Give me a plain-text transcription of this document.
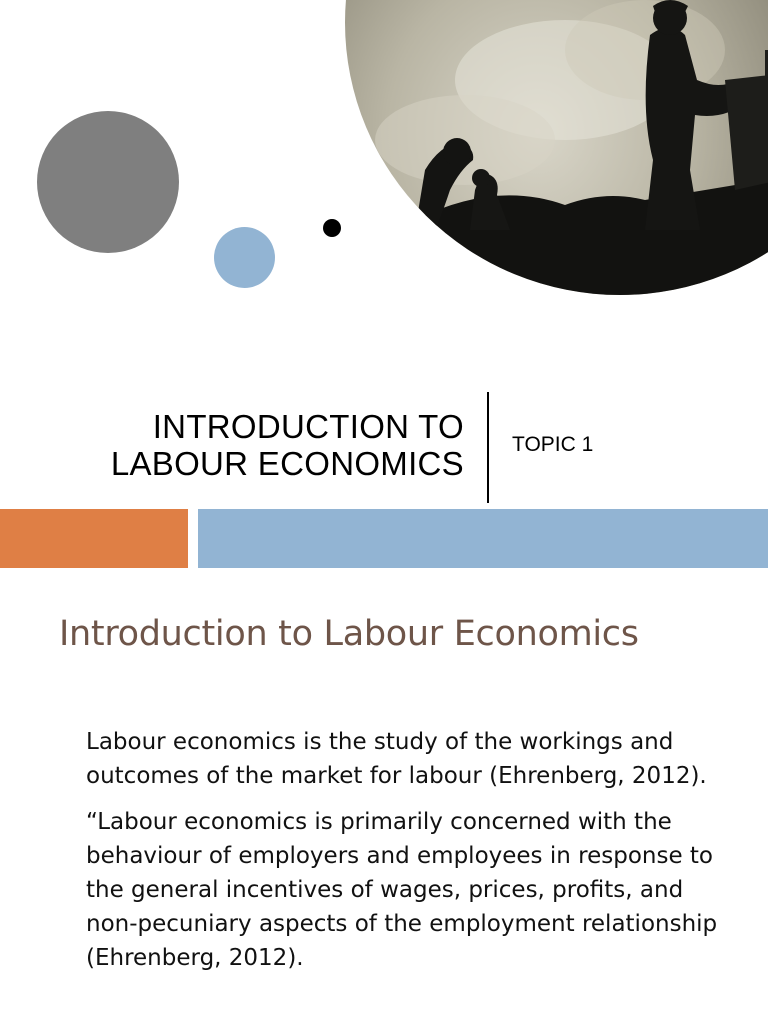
INTRODUCTION TO
LABOUR ECONOMICS
TOPIC 1
Introduction to Labour Economics

Labour economics is the study of the workings and outcomes of the market for labour (Ehrenberg, 2012).

“Labour economics is primarily concerned with the behaviour of employers and employees in response to the general incentives of wages, prices, profits, and non-pecuniary aspects of the employment relationship (Ehrenberg, 2012).
